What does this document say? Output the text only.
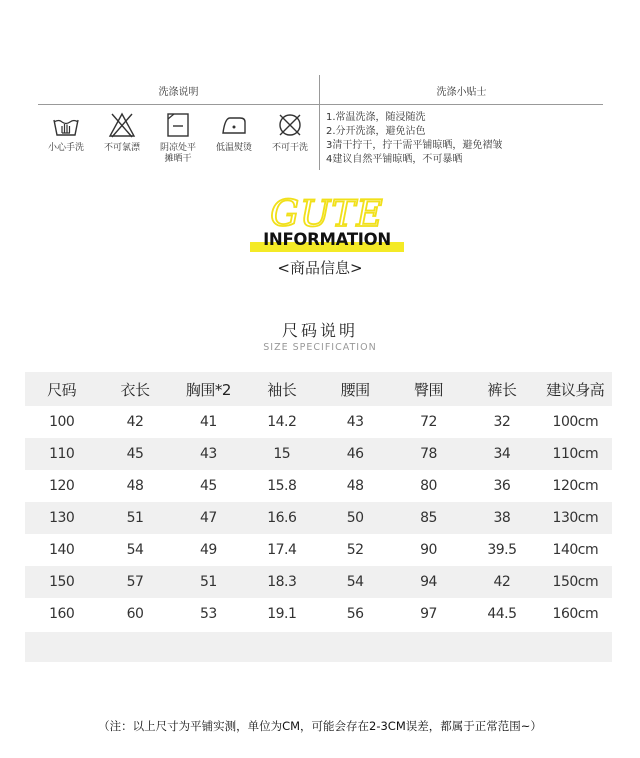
洗涤说明	洗涤小贴士
小心手洗	不可氯漂	阴凉处平
摊晒干
低温熨烫	不可干洗
1.常温洗涤，随浸随洗
2.分开洗涤，避免沾色
3清干拧干，拧干需平铺晾晒，避免褶皱
4建议自然平铺晾晒，不可暴晒
GUTE
INFORMATION
<商品信息>
尺码说明
SIZE SPECIFICATION
尺码	衣长	胸围*2	袖长	腰围	臀围	裤长	建议身高
100	42	41	14.2	43	72	32	100cm
110	45	43	15	46	78	34	110cm
120	48	45	15.8	48	80	36	120cm
130	51	47	16.6	50	85	38	130cm
140	54	49	17.4	52	90	39.5	140cm
150	57	51	18.3	54	94	42	150cm
160	60	53	19.1	56	97	44.5	160cm
（注：以上尺寸为平铺实测，单位为CM，可能会存在2-3CM误差，都属于正常范围~）
